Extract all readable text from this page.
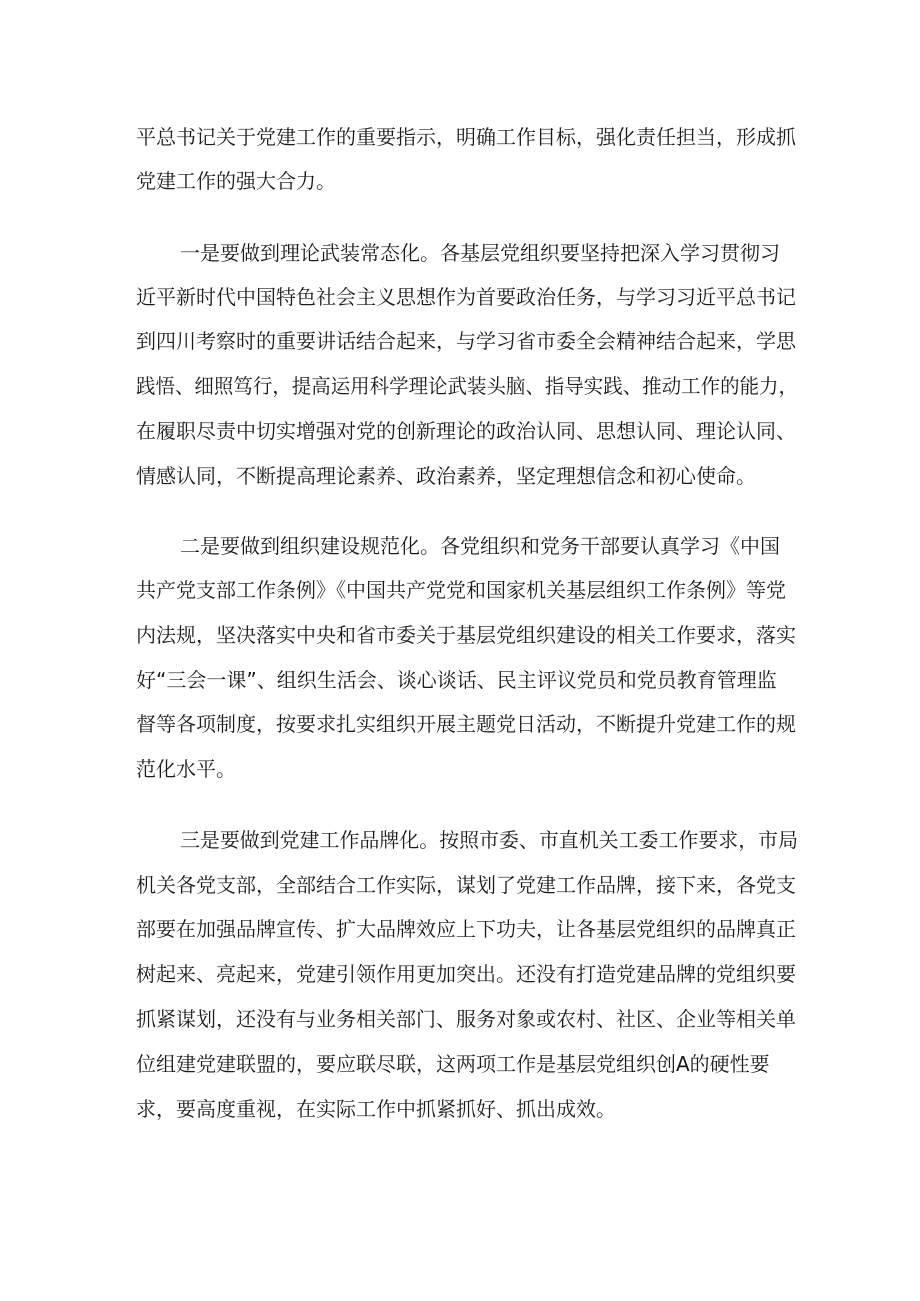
平总书记关于党建工作的重要指示，明确工作目标，强化责任担当，形成抓
党建工作的强大合力。
一是要做到理论武装常态化。各基层党组织要坚持把深入学习贯彻习
近平新时代中国特色社会主义思想作为首要政治任务，与学习习近平总书记
到四川考察时的重要讲话结合起来，与学习省市委全会精神结合起来，学思
践悟、细照笃行，提高运用科学理论武装头脑、指导实践、推动工作的能力，
在履职尽责中切实增强对党的创新理论的政治认同、思想认同、理论认同、
情感认同，不断提高理论素养、政治素养，坚定理想信念和初心使命。
二是要做到组织建设规范化。各党组织和党务干部要认真学习《中国
共产党支部工作条例》《中国共产党党和国家机关基层组织工作条例》等党
内法规，坚决落实中央和省市委关于基层党组织建设的相关工作要求，落实
好“三会一课”、组织生活会、谈心谈话、民主评议党员和党员教育管理监
督等各项制度，按要求扎实组织开展主题党日活动，不断提升党建工作的规
范化水平。
三是要做到党建工作品牌化。按照市委、市直机关工委工作要求，市局
机关各党支部，全部结合工作实际，谋划了党建工作品牌，接下来，各党支
部要在加强品牌宣传、扩大品牌效应上下功夫，让各基层党组织的品牌真正
树起来、亮起来，党建引领作用更加突出。还没有打造党建品牌的党组织要
抓紧谋划，还没有与业务相关部门、服务对象或农村、社区、企业等相关单
位组建党建联盟的，要应联尽联，这两项工作是基层党组织创A的硬性要
求，要高度重视，在实际工作中抓紧抓好、抓出成效。
